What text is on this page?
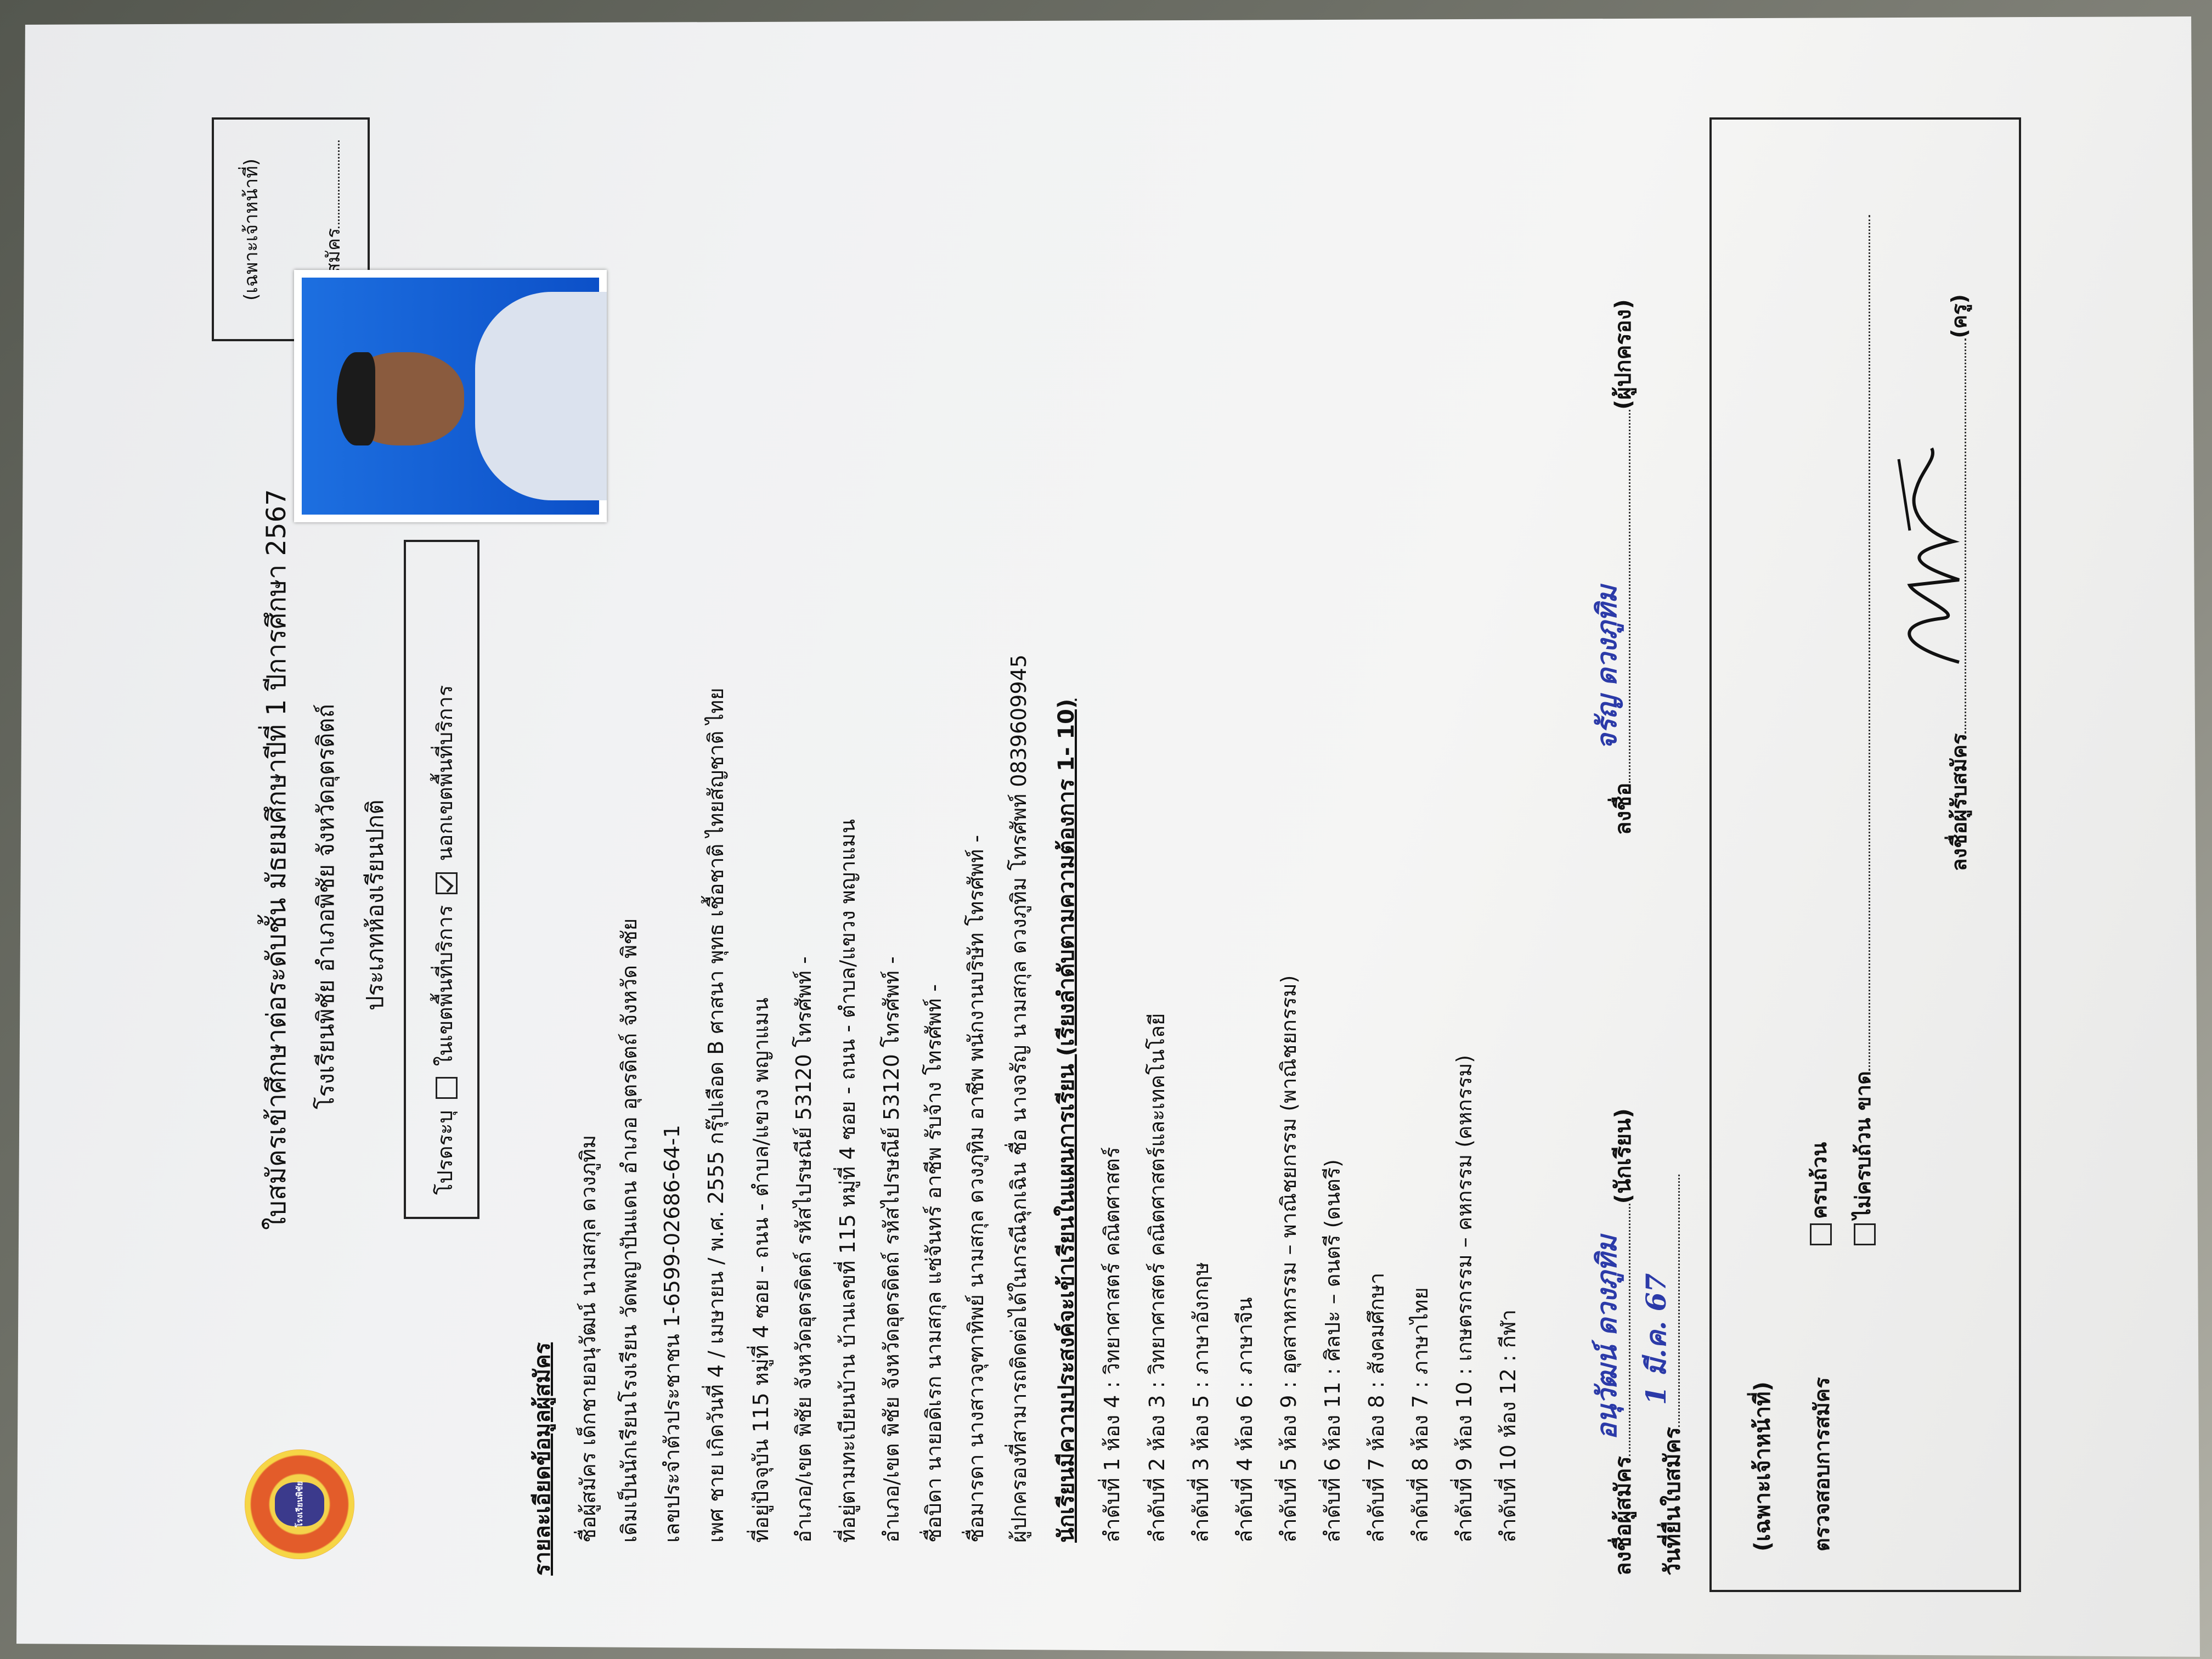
โรงเรียนพิชัย
ใบสมัครเข้าศึกษาต่อระดับชั้น มัธยมศึกษาปีที่ 1 ปีการศึกษา 2567 โรงเรียนพิชัย อำเภอพิชัย จังหวัดอุตรดิตถ์ ประเภทห้องเรียนปกติ
(เฉพาะเจ้าหน้าที่)
โปรดระบุ  ในเขตพื้นที่บริการ  นอกเขตพื้นที่บริการ
รายละเอียดข้อมูลผู้สมัคร ชื่อผู้สมัคร เด็กชายอนุวัฒน์ นามสกุล ดวงภูทิม เดิมเป็นนักเรียนโรงเรียน วัดพญาปันแดน อำเภอ อุตรดิตถ์ จังหวัด พิชัย เลขประจำตัวประชาชน 1-6599-02686-64-1 เพศ ชาย เกิดวันที่ 4 / เมษายน / พ.ศ. 2555 กรุ๊ปเลือด B ศาสนา พุทธ เชื้อชาติ ไทยสัญชาติ ไทย ที่อยู่ปัจจุบัน 115 หมู่ที่ 4 ซอย - ถนน - ตำบล/แขวง พญาแมน อำเภอ/เขต พิชัย จังหวัดอุตรดิตถ์ รหัสไปรษณีย์ 53120 โทรศัพท์ - ที่อยู่ตามทะเบียนบ้าน บ้านเลขที่ 115 หมู่ที่ 4 ซอย - ถนน - ตำบล/แขวง พญาแมน อำเภอ/เขต พิชัย จังหวัดอุตรดิตถ์ รหัสไปรษณีย์ 53120 โทรศัพท์ - ชื่อบิดา นายอดิเรก นามสกุล แซ่จันทร์ อาชีพ รับจ้าง โทรศัพท์ - ชื่อมารดา นางสาวจุฑาทิพย์ นามสกุล ดวงภูทิม อาชีพ พนักงานบริษัท โทรศัพท์ - ผู้ปกครองที่สามารถติดต่อได้ในกรณีฉุกเฉิน ชื่อ นางจรัญ นามสกุล ดวงภูทิม โทรศัพท์ 0839609945 นักเรียนมีความประสงค์จะเข้าเรียนในแผนการเรียน (เรียงลำดับตามความต้องการ 1- 10) ลำดับที่ 1 ห้อง 4 : วิทยาศาสตร์ คณิตศาสตร์ ลำดับที่ 2 ห้อง 3 : วิทยาศาสตร์ คณิตศาสตร์และเทคโนโลยี ลำดับที่ 3 ห้อง 5 : ภาษาอังกฤษ ลำดับที่ 4 ห้อง 6 : ภาษาจีน ลำดับที่ 5 ห้อง 9 : อุตสาหกรรม – พาณิชยกรรม (พาณิชยกรรม) ลำดับที่ 6 ห้อง 11 : ศิลปะ – ดนตรี (ดนตรี) ลำดับที่ 7 ห้อง 8 : สังคมศึกษา ลำดับที่ 8 ห้อง 7 : ภาษาไทย ลำดับที่ 9 ห้อง 10 : เกษตรกรรม – คหกรรม (คหกรรม) ลำดับที่ 10 ห้อง 12 : กีฬา	ลงชื่อผู้สมัคร
อนุวัฒน์ ดวงภูทิม
(นักเรียน)
วันที่ยื่นใบสมัคร
1 มี.ค. 67
ลงชื่อ
จรัญ ดวงภูทิม
(ผู้ปกครอง)
(เฉพาะเจ้าหน้าที่) ตรวจสอบการสมัคร
ครบถ้วน ไม่ครบถ้วน ขาด
ลงชื่อผู้รับสมัคร
(ครู)
